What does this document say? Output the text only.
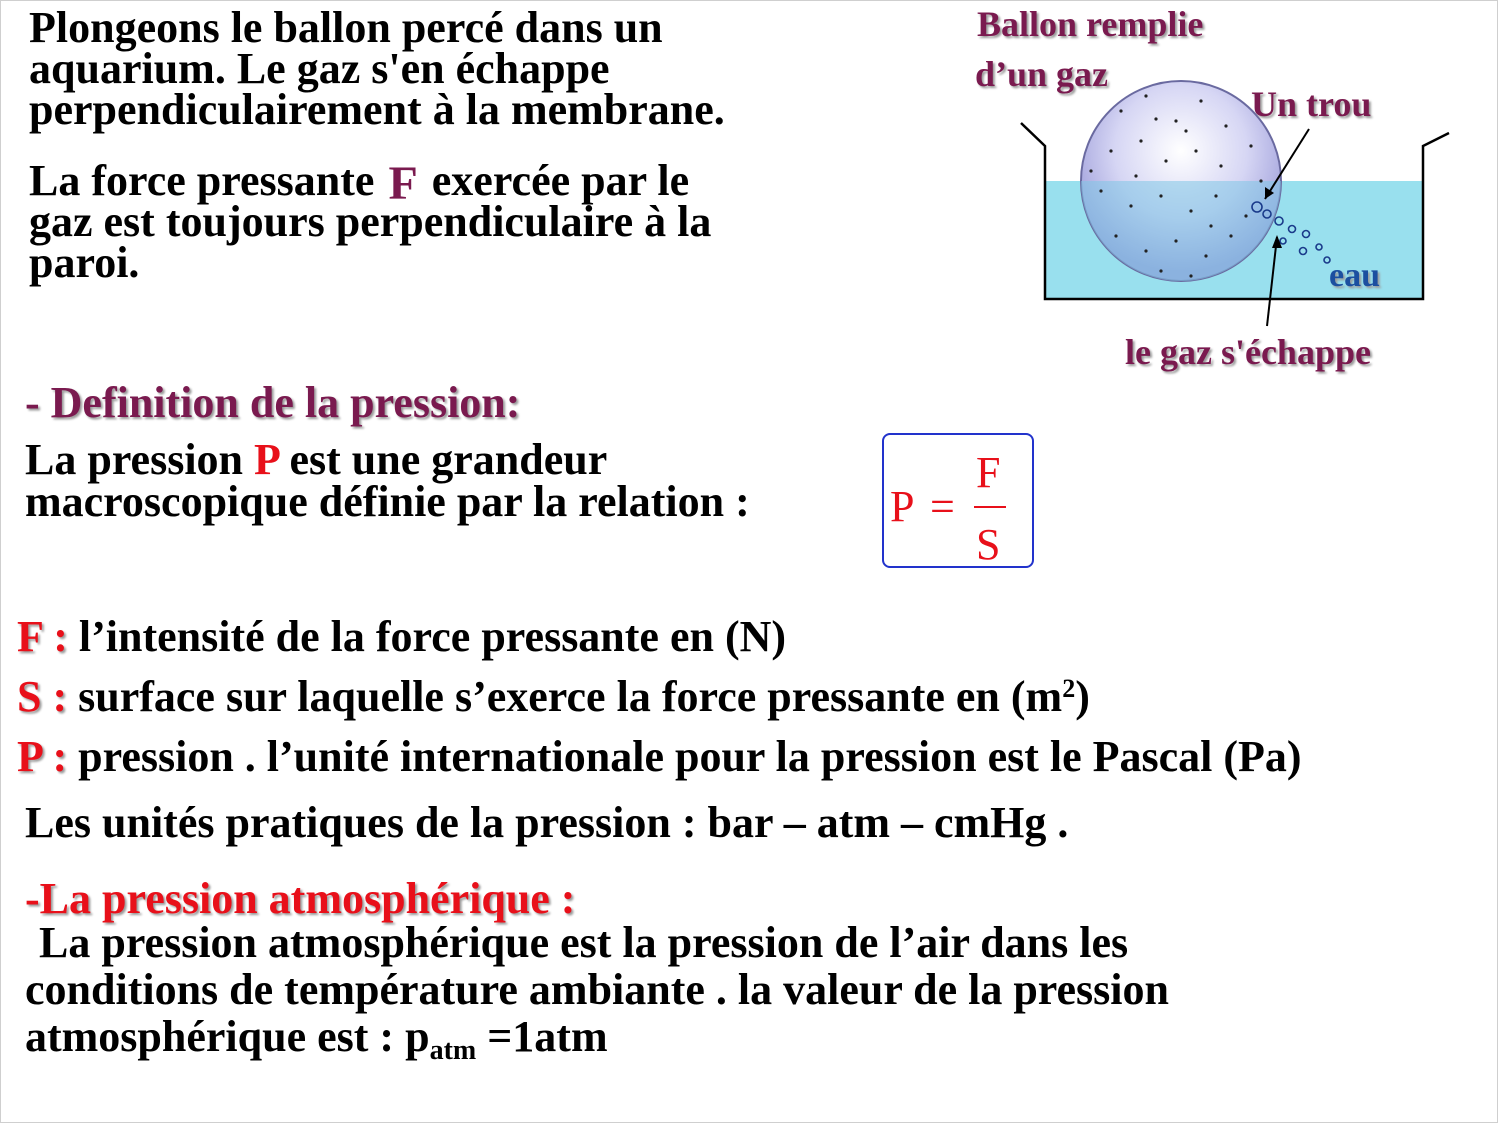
Plongeons le ballon percé dans un
aquarium. Le gaz s'en échappe
perpendiculairement à la membrane.
La force pressante F exercée par le
gaz est toujours perpendiculaire à la
paroi.
Ballon remplie
d’un gaz
Un trou
eau
le gaz s'échappe
- Definition de la pression:
La pression P est une grandeur
macroscopique définie par la relation :	P =
F
S
F : l’intensité de la force pressante en (N)
S : surface sur laquelle s’exerce la force pressante en $(m^2)$
P : pression . l’unité internationale pour la pression est le Pascal (Pa)
Les unités pratiques de la pression : bar – atm – cmHg .
-La pression atmosphérique :
La pression atmosphérique est la pression de l’air dans les
conditions de température ambiante . la valeur de la pression
atmosphérique est : $p_{atm} =1atm$
